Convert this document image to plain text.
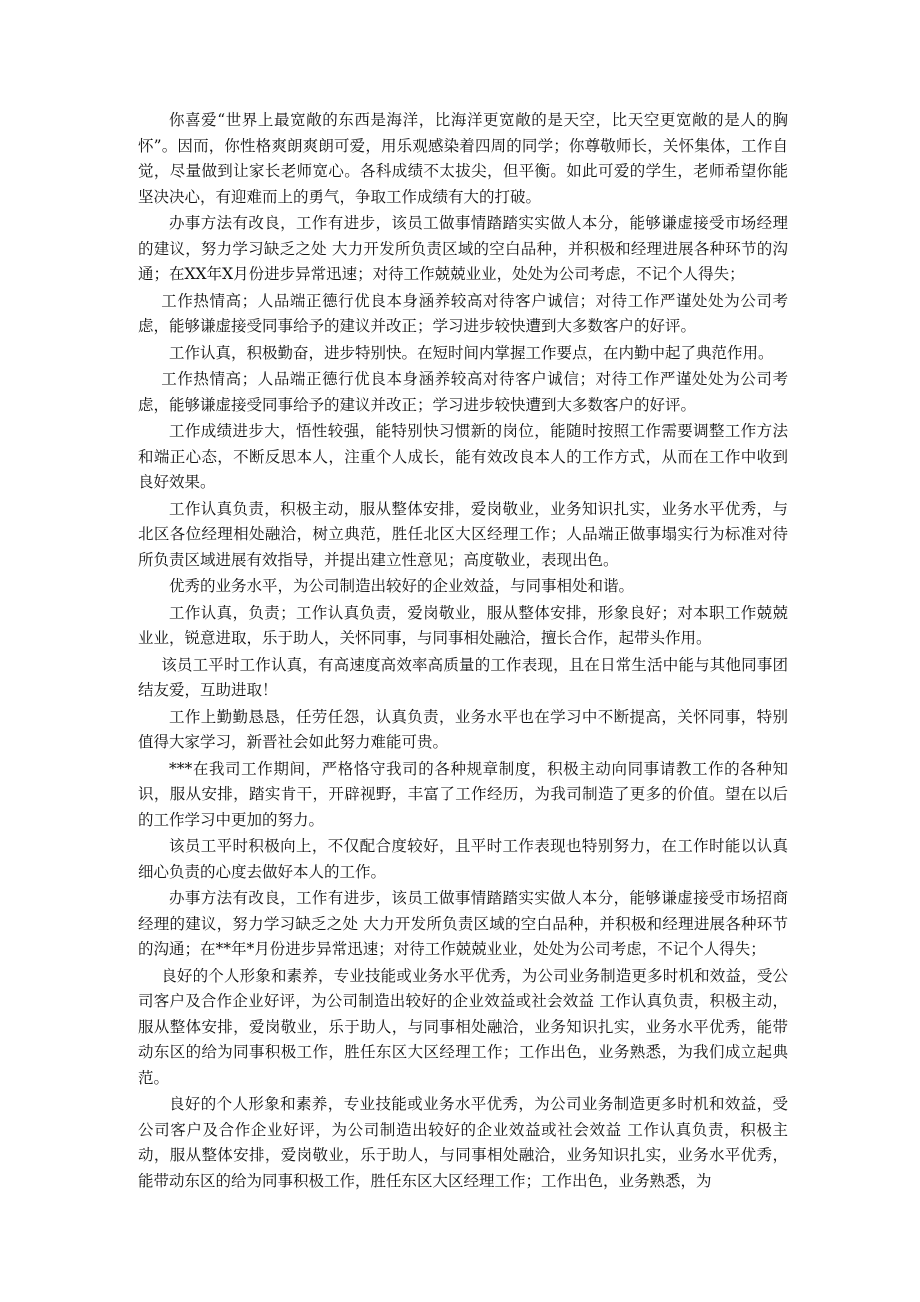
你喜爱“世界上最宽敞的东西是海洋，比海洋更宽敞的是天空，比天空更宽敞的是人的胸怀”。因而，你性格爽朗爽朗可爱，用乐观感染着四周的同学；你尊敬师长，关怀集体，工作自觉，尽量做到让家长老师宽心。各科成绩不太拔尖，但平衡。如此可爱的学生，老师希望你能坚决决心，有迎难而上的勇气，争取工作成绩有大的打破。

办事方法有改良，工作有进步，该员工做事情踏踏实实做人本分，能够谦虚接受市场经理的建议，努力学习缺乏之处 大力开发所负责区域的空白品种，并积极和经理进展各种环节的沟通；在XX年X月份进步异常迅速；对待工作兢兢业业，处处为公司考虑，不记个人得失；

工作热情高；人品端正德行优良本身涵养较高对待客户诚信；对待工作严谨处处为公司考虑，能够谦虚接受同事给予的建议并改正；学习进步较快遭到大多数客户的好评。

工作认真，积极勤奋，进步特别快。在短时间内掌握工作要点，在内勤中起了典范作用。

工作热情高；人品端正德行优良本身涵养较高对待客户诚信；对待工作严谨处处为公司考虑，能够谦虚接受同事给予的建议并改正；学习进步较快遭到大多数客户的好评。

工作成绩进步大，悟性较强，能特别快习惯新的岗位，能随时按照工作需要调整工作方法和端正心态，不断反思本人，注重个人成长，能有效改良本人的工作方式，从而在工作中收到良好效果。

工作认真负责，积极主动，服从整体安排，爱岗敬业，业务知识扎实，业务水平优秀，与北区各位经理相处融洽，树立典范，胜任北区大区经理工作；人品端正做事塌实行为标准对待所负责区域进展有效指导，并提出建立性意见；高度敬业，表现出色。

优秀的业务水平，为公司制造出较好的企业效益，与同事相处和谐。

工作认真，负责；工作认真负责，爱岗敬业，服从整体安排，形象良好；对本职工作兢兢业业，锐意进取，乐于助人，关怀同事，与同事相处融洽，擅长合作，起带头作用。

该员工平时工作认真，有高速度高效率高质量的工作表现，且在日常生活中能与其他同事团结友爱，互助进取！

工作上勤勤恳恳，任劳任怨，认真负责，业务水平也在学习中不断提高，关怀同事，特别值得大家学习，新晋社会如此努力难能可贵。

***在我司工作期间，严格恪守我司的各种规章制度，积极主动向同事请教工作的各种知识，服从安排，踏实肯干，开辟视野，丰富了工作经历，为我司制造了更多的价值。望在以后的工作学习中更加的努力。

该员工平时积极向上，不仅配合度较好，且平时工作表现也特别努力，在工作时能以认真细心负责的心度去做好本人的工作。

办事方法有改良，工作有进步，该员工做事情踏踏实实做人本分，能够谦虚接受市场招商经理的建议，努力学习缺乏之处 大力开发所负责区域的空白品种，并积极和经理进展各种环节的沟通；在**年*月份进步异常迅速；对待工作兢兢业业，处处为公司考虑，不记个人得失；

良好的个人形象和素养，专业技能或业务水平优秀，为公司业务制造更多时机和效益，受公司客户及合作企业好评，为公司制造出较好的企业效益或社会效益 工作认真负责，积极主动，服从整体安排，爱岗敬业，乐于助人，与同事相处融洽，业务知识扎实，业务水平优秀，能带动东区的给为同事积极工作，胜任东区大区经理工作；工作出色，业务熟悉，为我们成立起典范。

良好的个人形象和素养，专业技能或业务水平优秀，为公司业务制造更多时机和效益，受公司客户及合作企业好评，为公司制造出较好的企业效益或社会效益 工作认真负责，积极主动，服从整体安排，爱岗敬业，乐于助人，与同事相处融洽，业务知识扎实，业务水平优秀，能带动东区的给为同事积极工作，胜任东区大区经理工作；工作出色，业务熟悉，为
